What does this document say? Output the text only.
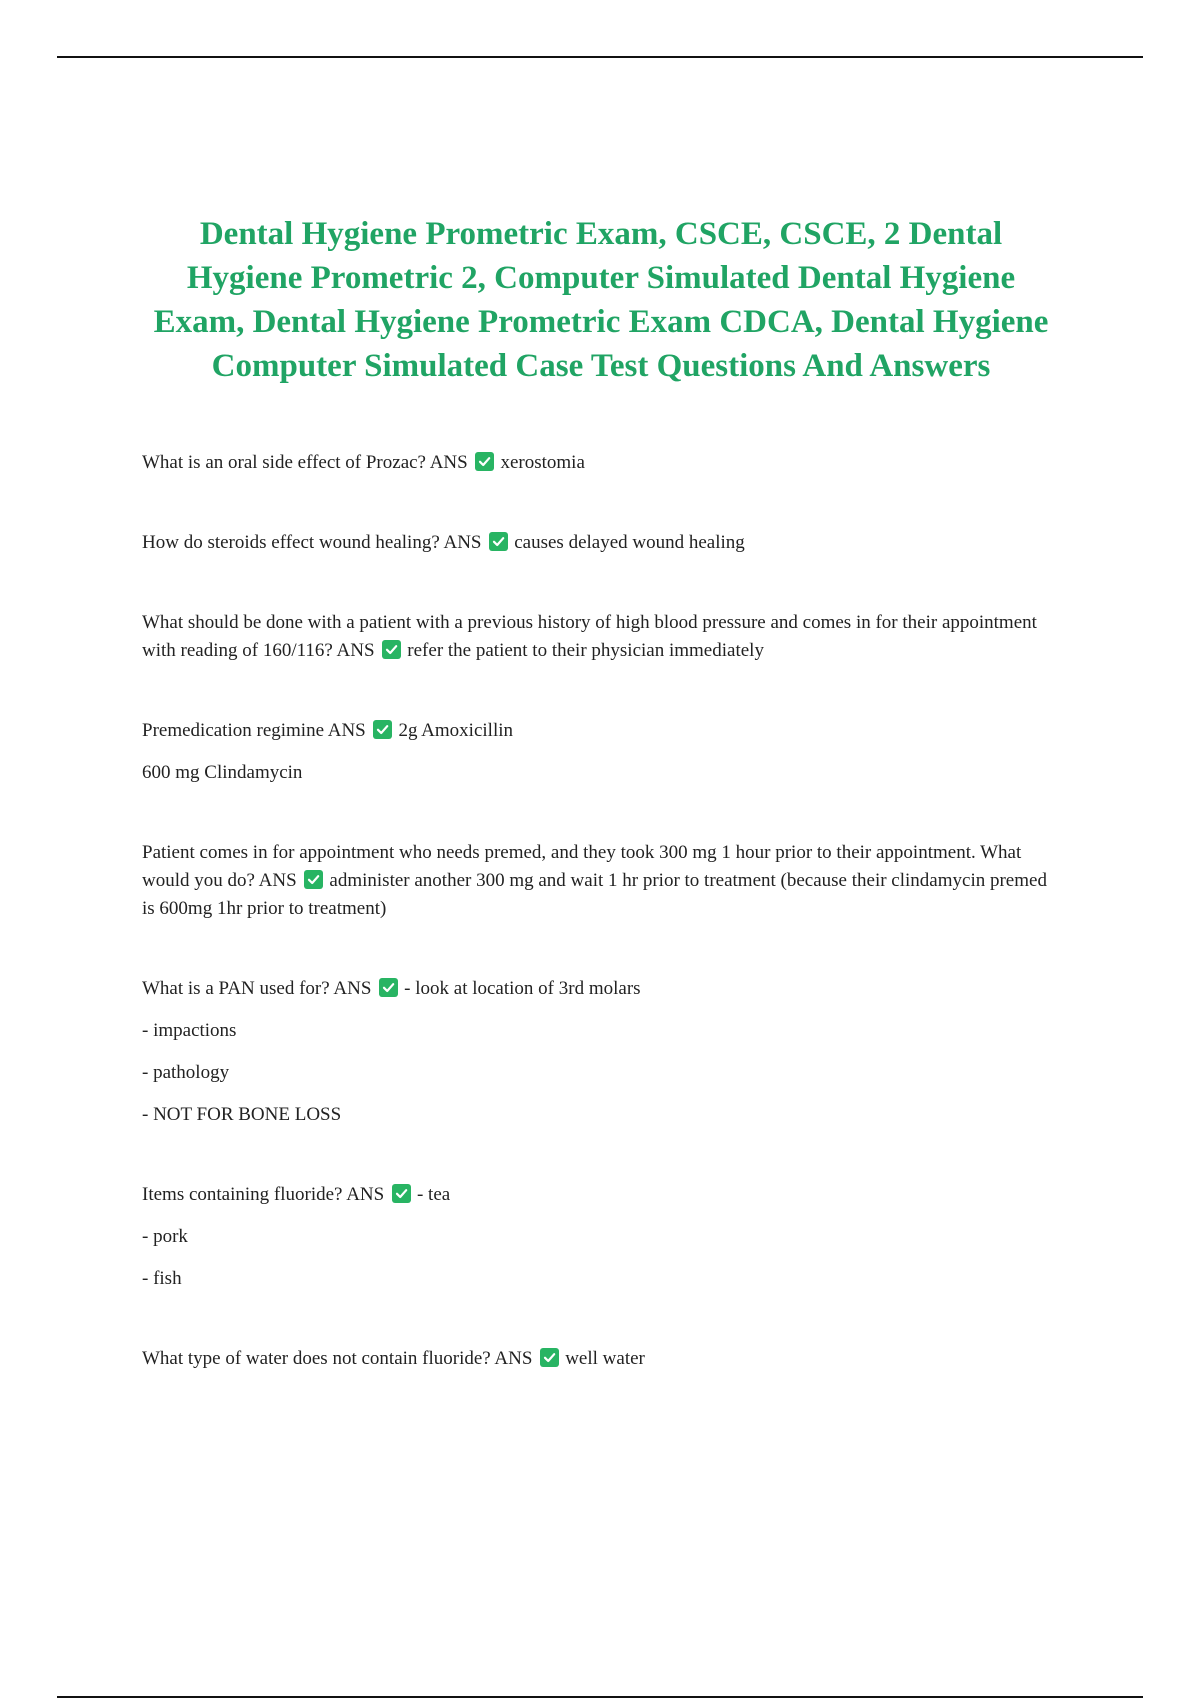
Dental Hygiene Prometric Exam, CSCE, CSCE, 2 Dental Hygiene Prometric 2, Computer Simulated Dental Hygiene Exam, Dental Hygiene Prometric Exam CDCA, Dental Hygiene Computer Simulated Case Test Questions And Answers

What is an oral side effect of Prozac? ANS xerostomia

How do steroids effect wound healing? ANS causes delayed wound healing

What should be done with a patient with a previous history of high blood pressure and comes in for their appointment with reading of 160/116? ANS refer the patient to their physician immediately

Premedication regimine ANS 2g Amoxicillin

600 mg Clindamycin

Patient comes in for appointment who needs premed, and they took 300 mg 1 hour prior to their appointment. What would you do? ANS administer another 300 mg and wait 1 hr prior to treatment (because their clindamycin premed is 600mg 1hr prior to treatment)

What is a PAN used for? ANS - look at location of 3rd molars

- impactions

- pathology

- NOT FOR BONE LOSS

Items containing fluoride? ANS - tea

- pork

- fish

What type of water does not contain fluoride? ANS well water
